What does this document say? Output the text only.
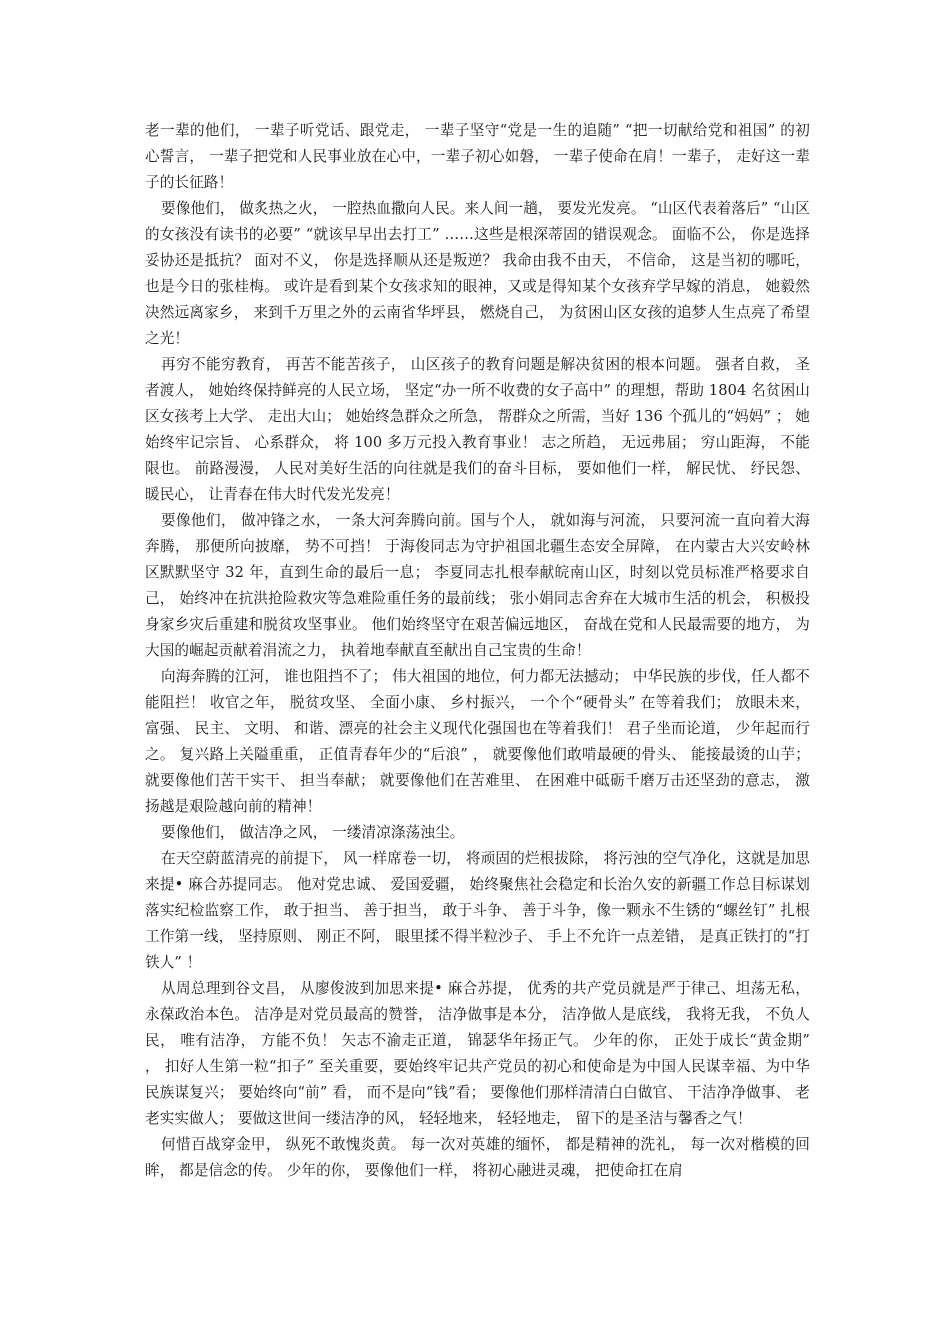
老一辈的他们， 一辈子听党话、跟党走， 一辈子坚守“党是一生的追随” “把一切献给党和祖国” 的初心誓言， 一辈子把党和人民事业放在心中，一辈子初心如磐， 一辈子使命在肩！一辈子， 走好这一辈子的长征路！

要像他们， 做炙热之火， 一腔热血撒向人民。来人间一趟， 要发光发亮。 “山区代表着落后” “山区的女孩没有读书的必要” “就该早早出去打工” ……这些是根深蒂固的错误观念。 面临不公， 你是选择妥协还是抵抗？ 面对不义， 你是选择顺从还是叛逆？ 我命由我不由天， 不信命， 这是当初的哪吒， 也是今日的张桂梅。 或许是看到某个女孩求知的眼神，又或是得知某个女孩弃学早嫁的消息， 她毅然决然远离家乡， 来到千万里之外的云南省华坪县， 燃烧自己， 为贫困山区女孩的追梦人生点亮了希望之光！

再穷不能穷教育， 再苦不能苦孩子， 山区孩子的教育问题是解决贫困的根本问题。 强者自救， 圣者渡人， 她始终保持鲜亮的人民立场， 坚定“办一所不收费的女子高中” 的理想，帮助 1804 名贫困山区女孩考上大学、 走出大山； 她始终急群众之所急， 帮群众之所需，当好 136 个孤儿的“妈妈” ； 她始终牢记宗旨、 心系群众， 将 100 多万元投入教育事业！ 志之所趋， 无远弗届； 穷山距海， 不能限也。 前路漫漫， 人民对美好生活的向往就是我们的奋斗目标， 要如他们一样， 解民忧、 纾民怨、 暖民心， 让青春在伟大时代发光发亮！

要像他们， 做冲锋之水， 一条大河奔腾向前。国与个人， 就如海与河流， 只要河流一直向着大海奔腾， 那便所向披靡， 势不可挡！ 于海俊同志为守护祖国北疆生态安全屏障， 在内蒙古大兴安岭林区默默坚守 32 年，直到生命的最后一息； 李夏同志扎根奉献皖南山区，时刻以党员标准严格要求自己， 始终冲在抗洪抢险救灾等急难险重任务的最前线； 张小娟同志舍弃在大城市生活的机会， 积极投身家乡灾后重建和脱贫攻坚事业。 他们始终坚守在艰苦偏远地区， 奋战在党和人民最需要的地方， 为大国的崛起贡献着涓流之力， 执着地奉献直至献出自己宝贵的生命！

向海奔腾的江河， 谁也阻挡不了； 伟大祖国的地位，何力都无法撼动； 中华民族的步伐，任人都不能阻拦！ 收官之年， 脱贫攻坚、 全面小康、 乡村振兴， 一个个“硬骨头” 在等着我们； 放眼未来， 富强、 民主、 文明、 和谐、漂亮的社会主义现代化强国也在等着我们！ 君子坐而论道， 少年起而行之。 复兴路上关隘重重， 正值青春年少的“后浪” ， 就要像他们敢啃最硬的骨头、 能接最烫的山芋； 就要像他们苦干实干、 担当奉献； 就要像他们在苦难里、 在困难中砥砺千磨万击还坚劲的意志， 激扬越是艰险越向前的精神！

要像他们， 做洁净之风， 一缕清凉涤荡浊尘。

在天空蔚蓝清亮的前提下， 风一样席卷一切， 将顽固的烂根拔除， 将污浊的空气净化，这就是加思来提• 麻合苏提同志。 他对党忠诚、 爱国爱疆， 始终聚焦社会稳定和长治久安的新疆工作总目标谋划落实纪检监察工作， 敢于担当、 善于担当， 敢于斗争、 善于斗争，像一颗永不生锈的“螺丝钉” 扎根工作第一线， 坚持原则、 刚正不阿， 眼里揉不得半粒沙子、 手上不允许一点差错， 是真正铁打的“打铁人” ！

从周总理到谷文昌， 从廖俊波到加思来提• 麻合苏提， 优秀的共产党员就是严于律己、坦荡无私， 永葆政治本色。 洁净是对党员最高的赞誉， 洁净做事是本分， 洁净做人是底线， 我将无我， 不负人民， 唯有洁净， 方能不负！ 矢志不渝走正道， 锦瑟华年扬正气。 少年的你， 正处于成长“黄金期” ， 扣好人生第一粒“扣子” 至关重要，要始终牢记共产党员的初心和使命是为中国人民谋幸福、为中华民族谋复兴； 要始终向“前” 看， 而不是向“钱”看； 要像他们那样清清白白做官、 干洁净净做事、 老老实实做人； 要做这世间一缕洁净的风， 轻轻地来， 轻轻地走， 留下的是圣洁与馨香之气！

何惜百战穿金甲， 纵死不敢愧炎黄。 每一次对英雄的缅怀， 都是精神的洗礼， 每一次对楷模的回眸， 都是信念的传。 少年的你， 要像他们一样， 将初心融进灵魂， 把使命扛在肩
